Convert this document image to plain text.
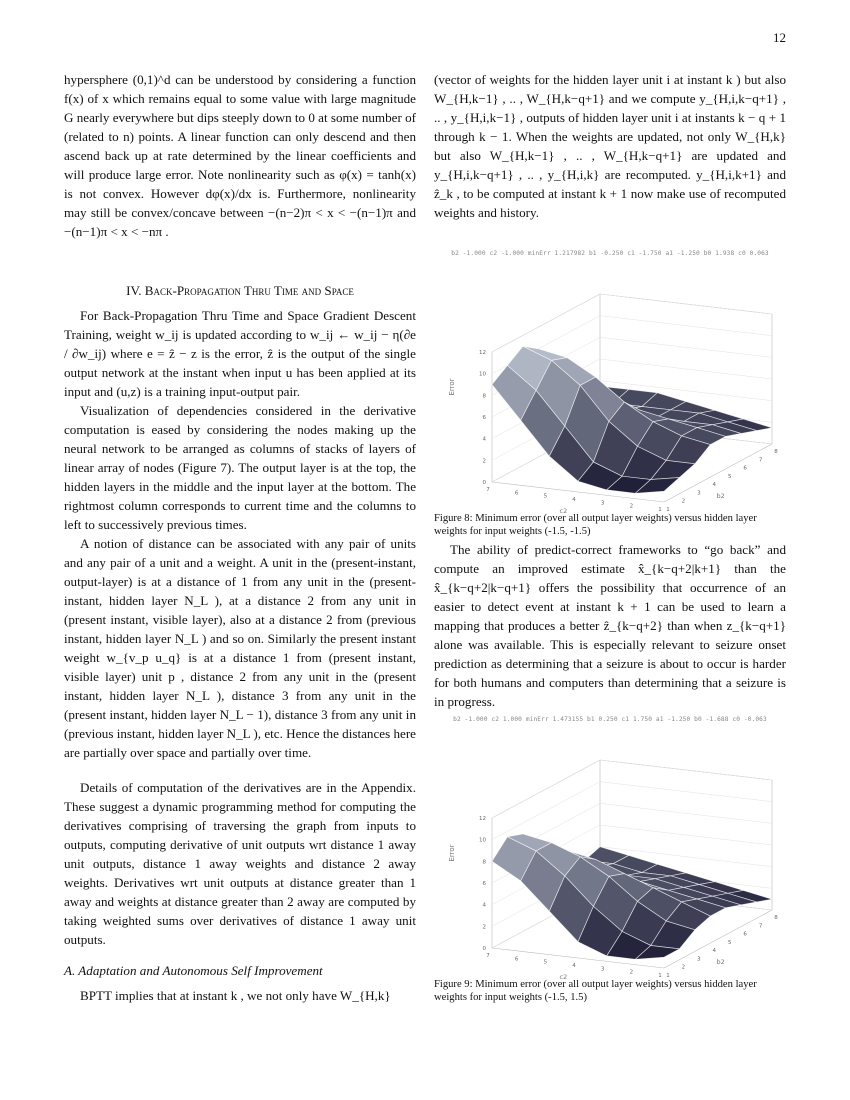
12

hypersphere (0,1)^d can be understood by considering a function f(x) of x which remains equal to some value with large magnitude G nearly everywhere but dips steeply down to 0 at some number of (related to n) points. A linear function can only descend and then ascend back up at rate determined by the linear coefficients and will produce large error. Note nonlinearity such as φ(x) = tanh(x) is not convex. However dφ(x)/dx is. Furthermore, nonlinearity may still be convex/concave between −(n−2)π < x < −(n−1)π and −(n−1)π < x < −nπ .

IV. Back-Propagation Thru Time and Space

For Back-Propagation Thru Time and Space Gradient Descent Training, weight w_ij is updated according to w_ij ← w_ij − η(∂e / ∂w_ij) where e = ẑ − z is the error, ẑ is the output of the single output network at the instant when input u has been applied at its input and (u,z) is a training input-output pair.

Visualization of dependencies considered in the derivative computation is eased by considering the nodes making up the neural network to be arranged as columns of stacks of layers of linear array of nodes (Figure 7). The output layer is at the top, the hidden layers in the middle and the input layer at the bottom. The rightmost column corresponds to current time and the columns to left to successively previous times.

A notion of distance can be associated with any pair of units and any pair of a unit and a weight. A unit in the (present-instant, output-layer) is at a distance of 1 from any unit in the (present-instant, hidden layer N_L ), at a distance 2 from any unit in (present instant, visible layer), also at a distance 2 from (previous instant, hidden layer N_L ) and so on. Similarly the present instant weight w_{v_p u_q} is at a distance 1 from (present instant, visible layer) unit p , distance 2 from any unit in the (present instant, hidden layer N_L ), distance 3 from any unit in the (present instant, hidden layer N_L − 1), distance 3 from any unit in (previous instant, hidden layer N_L ), etc. Hence the distances here are partially over space and partially over time.

Details of computation of the derivatives are in the Appendix. These suggest a dynamic programming method for computing the derivatives comprising of traversing the graph from inputs to outputs, computing derivative of unit outputs wrt distance 1 away unit outputs, distance 1 away weights and distance 2 away weights. Derivatives wrt unit outputs at distance greater than 1 away and weights at distance greater than 2 away are computed by taking weighted sums over derivatives of distance 1 away unit outputs.

A. Adaptation and Autonomous Self Improvement

BPTT implies that at instant k , we not only have W_{H,k}

(vector of weights for the hidden layer unit i at instant k ) but also W_{H,k−1} , .. , W_{H,k−q+1} and we compute y_{H,i,k−q+1} , .. , y_{H,i,k−1} , outputs of hidden layer unit i at instants k − q + 1 through k − 1. When the weights are updated, not only W_{H,k} but also W_{H,k−1} , .. , W_{H,k−q+1} are updated and y_{H,i,k−q+1} , .. , y_{H,i,k} are recomputed. y_{H,i,k+1} and ẑ_k , to be computed at instant k + 1 now make use of recomputed weights and history.

b2 -1.000 c2 -1.000 minErr 1.217982 b1 -0.250 c1 -1.750 a1 -1.250 b0 1.938 c0 0.063
12
10
8
6
4
2
0
Error
7
6
5
4
3
2
1
c2	1
2
3
4
5
6
7
8
b2
Figure 8: Minimum error (over all output layer weights) versus hidden layer weights for input weights (-1.5, -1.5)

The ability of predict-correct frameworks to “go back” and compute an improved estimate x̂_{k−q+2|k+1} than the x̂_{k−q+2|k−q+1} offers the possibility that occurrence of an easier to detect event at instant k + 1 can be used to learn a mapping that produces a better ẑ_{k−q+2} than when z_{k−q+1} alone was available. This is especially relevant to seizure onset prediction as determining that a seizure is about to occur is harder for both humans and computers than determining that a seizure is in progress.

b2 -1.000 c2 1.000 minErr 1.473155 b1 0.250 c1 1.750 a1 -1.250 b0 -1.688 c0 -0.063
12
10
8
6
4
2
0
Error
7
6
5
4
3
2
1
c2	1
2
3
4
5
6
7
8
b2
Figure 9: Minimum error (over all output layer weights) versus hidden layer weights for input weights (-1.5, 1.5)
